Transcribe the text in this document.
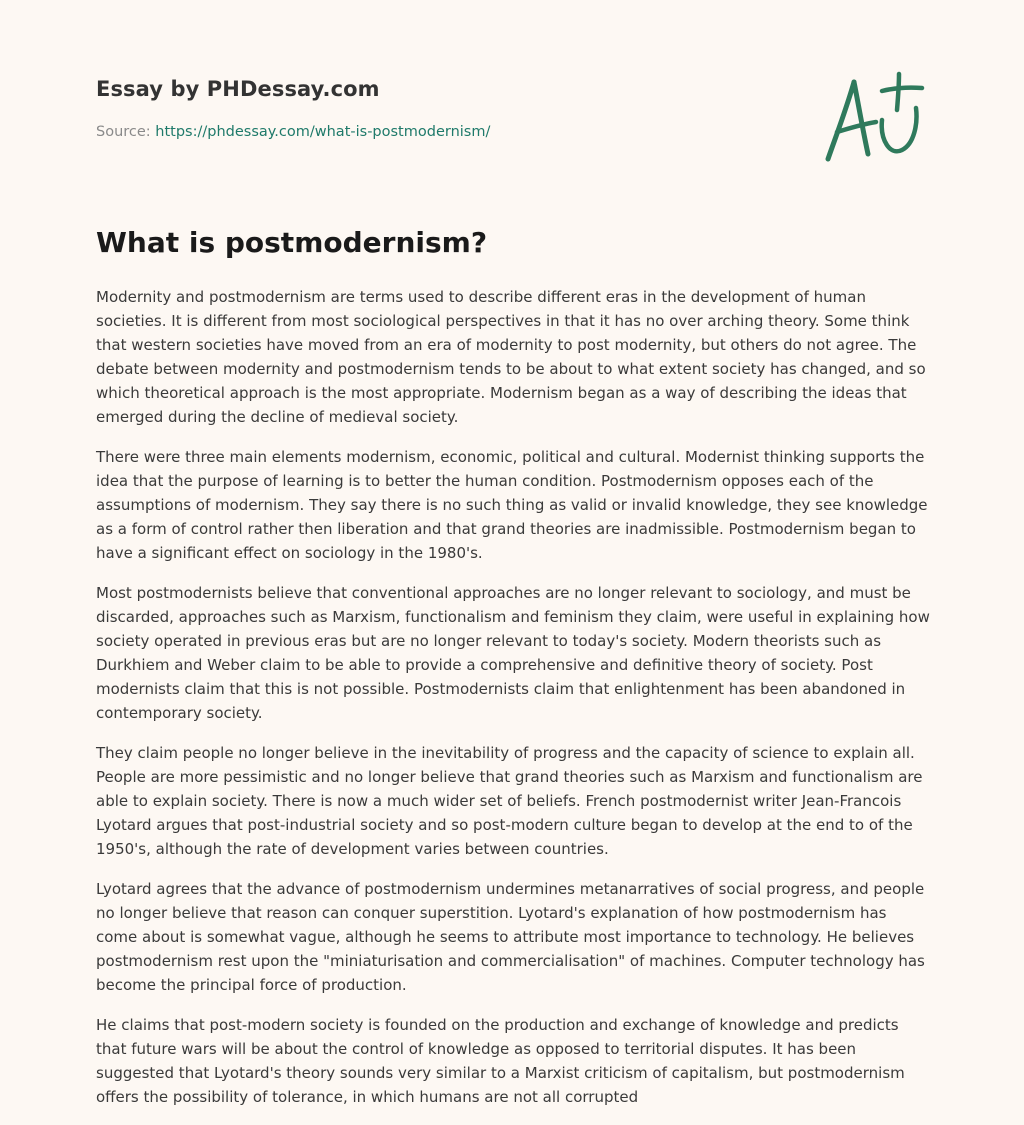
Essay by PHDessay.com
Source: https://phdessay.com/what-is-postmodernism/
What is postmodernism?

Modernity and postmodernism are terms used to describe different eras in the development of human societies. It is different from most sociological perspectives in that it has no over arching theory. Some think that western societies have moved from an era of modernity to post modernity, but others do not agree. The debate between modernity and postmodernism tends to be about to what extent society has changed, and so which theoretical approach is the most appropriate. Modernism began as a way of describing the ideas that emerged during the decline of medieval society.

There were three main elements modernism, economic, political and cultural. Modernist thinking supports the idea that the purpose of learning is to better the human condition. Postmodernism opposes each of the assumptions of modernism. They say there is no such thing as valid or invalid knowledge, they see knowledge as a form of control rather then liberation and that grand theories are inadmissible. Postmodernism began to have a significant effect on sociology in the 1980's.

Most postmodernists believe that conventional approaches are no longer relevant to sociology, and must be discarded, approaches such as Marxism, functionalism and feminism they claim, were useful in explaining how society operated in previous eras but are no longer relevant to today's society. Modern theorists such as Durkhiem and Weber claim to be able to provide a comprehensive and definitive theory of society. Post modernists claim that this is not possible. Postmodernists claim that enlightenment has been abandoned in contemporary society.

They claim people no longer believe in the inevitability of progress and the capacity of science to explain all. People are more pessimistic and no longer believe that grand theories such as Marxism and functionalism are able to explain society. There is now a much wider set of beliefs. French postmodernist writer Jean-Francois Lyotard argues that post-industrial society and so post-modern culture began to develop at the end to of the 1950's, although the rate of development varies between countries.

Lyotard agrees that the advance of postmodernism undermines metanarratives of social progress, and people no longer believe that reason can conquer superstition. Lyotard's explanation of how postmodernism has come about is somewhat vague, although he seems to attribute most importance to technology. He believes postmodernism rest upon the "miniaturisation and commercialisation" of machines. Computer technology has become the principal force of production.

He claims that post-modern society is founded on the production and exchange of knowledge and predicts that future wars will be about the control of knowledge as opposed to territorial disputes. It has been suggested that Lyotard's theory sounds very similar to a Marxist criticism of capitalism, but postmodernism offers the possibility of tolerance, in which humans are not all corrupted
